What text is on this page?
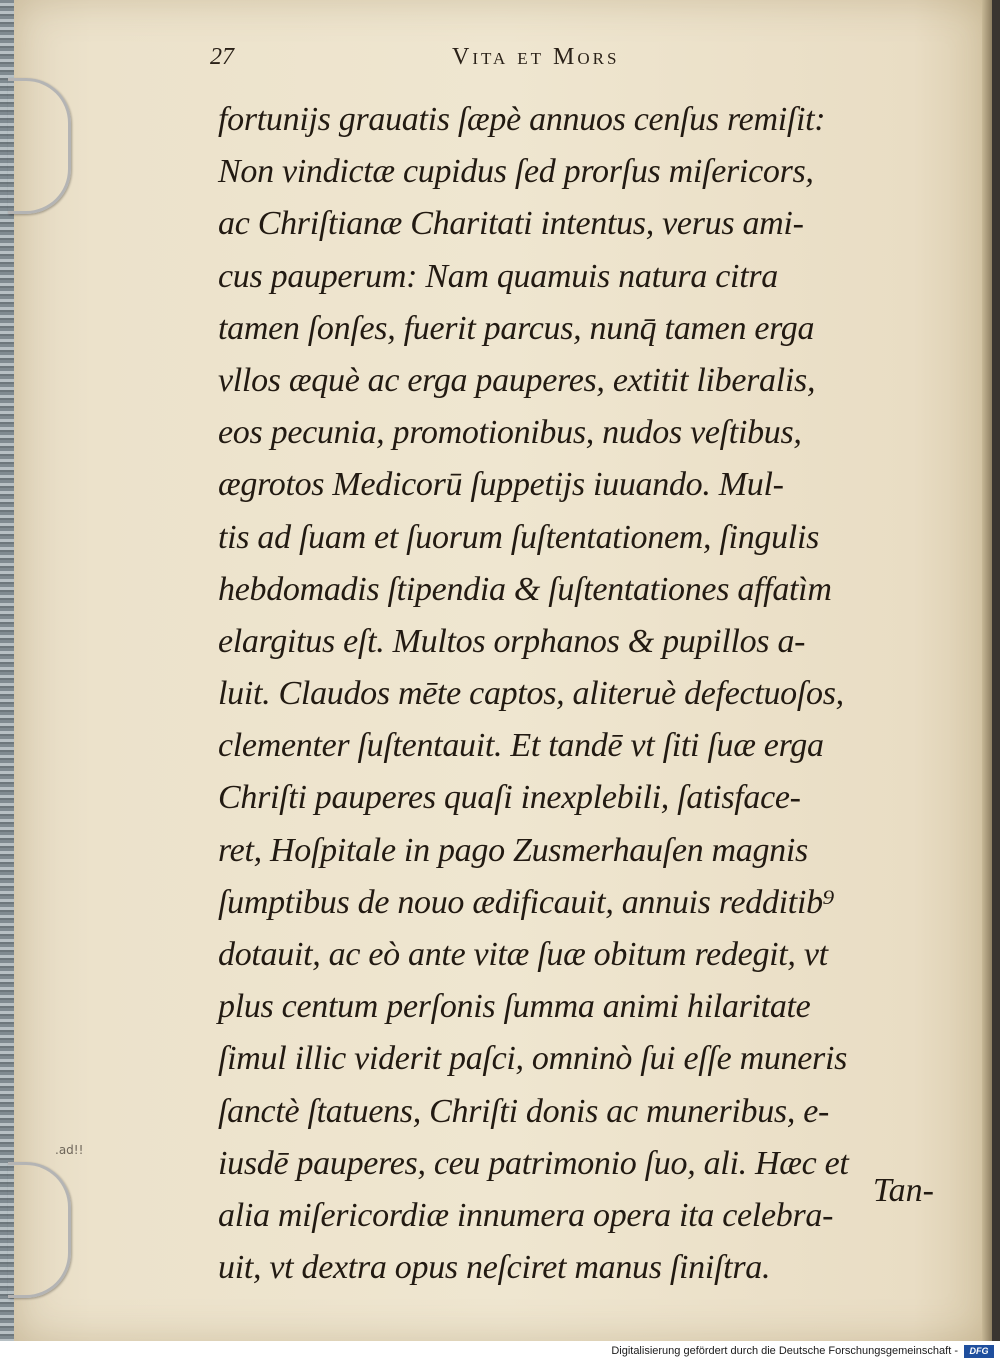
27	Vita et Mors
fortunijs grauatis ſæpè annuos cenſus remiſit:
Non vindictæ cupidus ſed prorſus miſericors,
ac Chriſtianæ Charitati intentus, verus ami-
cus pauperum: Nam quamuis natura citra
tamen ſonſes, fuerit parcus, nunq̄ tamen erga
vllos æquè ac erga pauperes, extitit liberalis,
eos pecunia, promotionibus, nudos veſtibus,
ægrotos Medicorū ſuppetijs iuuando. Mul-
tis ad ſuam et ſuorum ſuſtentationem, ſingulis
hebdomadis ſtipendia & ſuſtentationes affatìm
elargitus eſt. Multos orphanos & pupillos a-
luit. Claudos mēte captos, aliteruè defectuoſos,
clementer ſuſtentauit. Et tandē vt ſiti ſuæ erga
Chriſti pauperes quaſi inexplebili, ſatisface-
ret, Hoſpitale in pago Zusmerhauſen magnis
ſumptibus de nouo ædificauit, annuis redditib⁹
dotauit, ac eò ante vitæ ſuæ obitum redegit, vt
plus centum perſonis ſumma animi hilaritate
ſimul illic viderit paſci, omninò ſui eſſe muneris
ſanctè ſtatuens, Chriſti donis ac muneribus, e-
iusdē pauperes, ceu patrimonio ſuo, ali. Hæc et
alia miſericordiæ innumera opera ita celebra-
uit, vt dextra opus neſciret manus ſiniſtra.
Tan-
.ad!!
Digitalisierung gefördert durch die Deutsche Forschungsgemeinschaft -	DFG
